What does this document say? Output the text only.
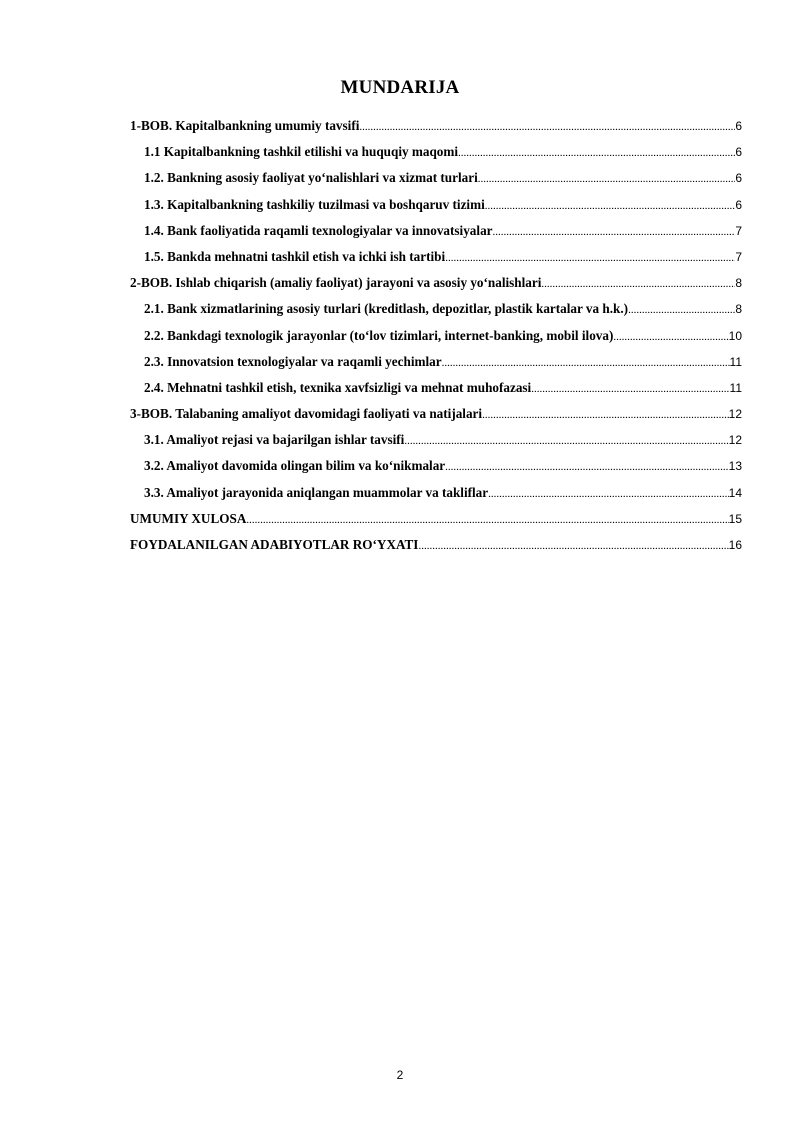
MUNDARIJA
1-BOB. Kapitalbankning umumiy tavsifi .....	6
1.1 Kapitalbankning tashkil etilishi va huquqiy maqomi .....	6
1.2. Bankning asosiy faoliyat yo‘nalishlari va xizmat turlari .....	6
1.3. Kapitalbankning tashkiliy tuzilmasi va boshqaruv tizimi .....	6
1.4. Bank faoliyatida raqamli texnologiyalar va innovatsiyalar .....	7
1.5. Bankda mehnatni tashkil etish va ichki ish tartibi .....	7
2-BOB. Ishlab chiqarish (amaliy faoliyat) jarayoni va asosiy yo‘nalishlari .....	8
2.1. Bank xizmatlarining asosiy turlari (kreditlash, depozitlar, plastik kartalar va h.k.) .....	8
2.2. Bankdagi texnologik jarayonlar (to‘lov tizimlari, internet-banking, mobil ilova) .....	10
2.3. Innovatsion texnologiyalar va raqamli yechimlar .....	11
2.4. Mehnatni tashkil etish, texnika xavfsizligi va mehnat muhofazasi .....	11
3-BOB. Talabaning amaliyot davomidagi faoliyati va natijalari .....	12
3.1. Amaliyot rejasi va bajarilgan ishlar tavsifi .....	12
3.2. Amaliyot davomida olingan bilim va ko‘nikmalar .....	13
3.3. Amaliyot jarayonida aniqlangan muammolar va takliflar .....	14
UMUMIY XULOSA .....	15
FOYDALANILGAN ADABIYOTLAR RO‘YXATI .....	16
2
